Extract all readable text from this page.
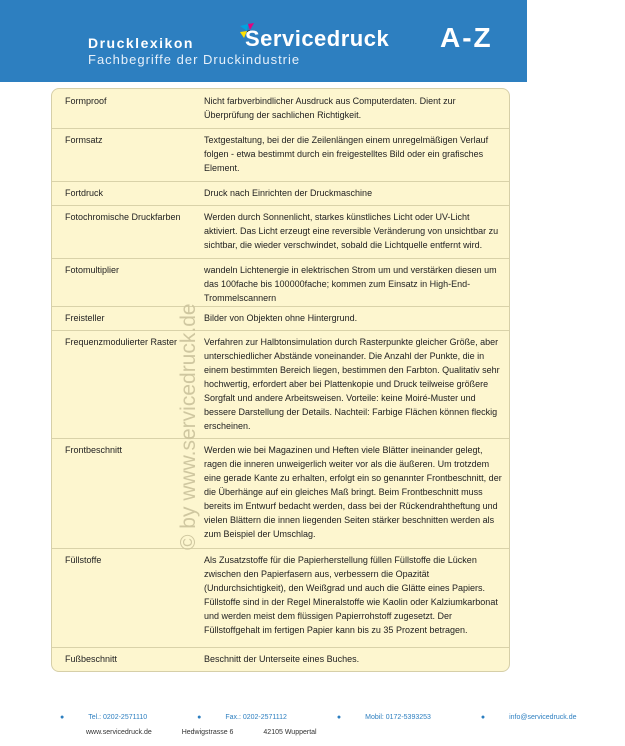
Drucklexikon
Fachbegriffe der Druckindustrie
Servicedruck A-Z
Formproof	Nicht farbverbindlicher Ausdruck aus Computerdaten. Dient zur Überprüfung der sachlichen Richtigkeit.
Formsatz	Textgestaltung, bei der die Zeilenlängen einem unregelmäßigen Verlauf folgen - etwa bestimmt durch ein freigestelltes Bild oder ein grafisches Element.
Fortdruck	Druck nach Einrichten der Druckmaschine
Fotochromische Druckfarben	Werden durch Sonnenlicht, starkes künstliches Licht oder UV-Licht aktiviert. Das Licht erzeugt eine reversible Veränderung von unsichtbar zu sichtbar, die wieder verschwindet, sobald die Lichtquelle entfernt wird.
Fotomultiplier	wandeln Lichtenergie in elektrischen Strom um und verstärken diesen um das 100fache bis 100000fache; kommen zum Einsatz in High-End-Trommelscannern
Freisteller	Bilder von Objekten ohne Hintergrund.
Frequenzmodulierter Raster	Verfahren zur Halbtonsimulation durch Rasterpunkte gleicher Größe, aber unterschiedlicher Abstände voneinander. Die Anzahl der Punkte, die in einem bestimmten Bereich liegen, bestimmen den Farbton. Qualitativ sehr hochwertig, erfordert aber bei Plattenkopie und Druck teilweise größere Sorgfalt und andere Arbeitsweisen. Vorteile: keine Moiré-Muster und bessere Darstellung der Details. Nachteil: Farbige Flächen können fleckig erscheinen.
Frontbeschnitt	Werden wie bei Magazinen und Heften viele Blätter ineinander gelegt, ragen die inneren unweigerlich weiter vor als die äußeren. Um trotzdem eine gerade Kante zu erhalten, erfolgt ein so genannter Frontbeschnitt, der die Überhänge auf ein gleiches Maß bringt. Beim Frontbeschnitt muss bereits im Entwurf bedacht werden, dass bei der Rückendrahtheftung und vielen Blättern die innen liegenden Seiten stärker beschnitten werden als zum Beispiel der Umschlag.
Füllstoffe	Als Zusatzstoffe für die Papierherstellung füllen Füllstoffe die Lücken zwischen den Papierfasern aus, verbessern die Opazität (Undurchsichtigkeit), den Weißgrad und auch die Glätte eines Papiers. Füllstoffe sind in der Regel Mineralstoffe wie Kaolin oder Kalziumkarbonat und werden meist dem flüssigen Papierrohstoff zugesetzt. Der Füllstoffgehalt im fertigen Papier kann bis zu 35 Prozent betragen.
Fußbeschnitt	Beschnitt der Unterseite eines Buches.
© by www.servicedruck.de
●	Tel.: 0202-2571110	●	Fax.: 0202-2571112	●	Mobil: 0172-5393253	●	info@servicedruck.de
www.servicedruck.de	Hedwigstrasse 6	42105 Wuppertal
